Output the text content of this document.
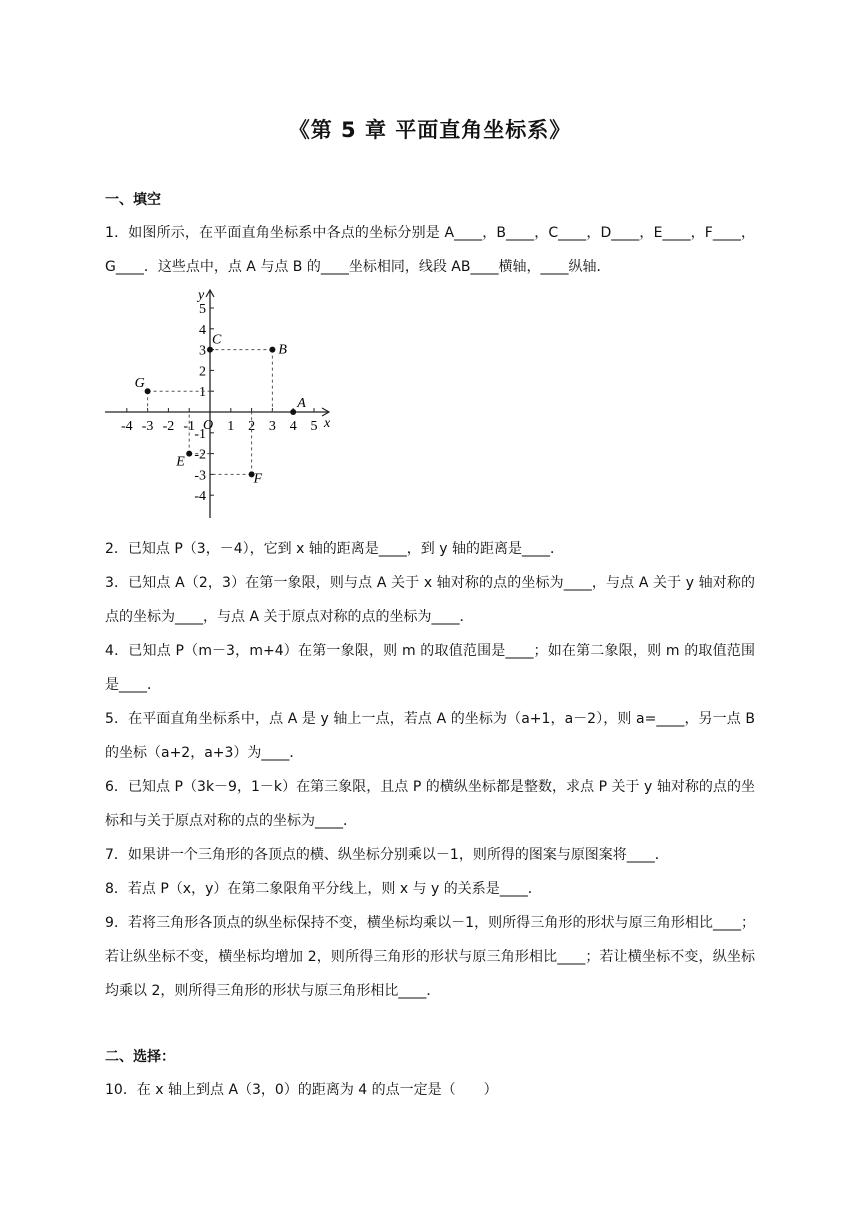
《第 5 章 平面直角坐标系》
一、填空
1．如图所示，在平面直角坐标系中各点的坐标分别是 A____，B____，C____，D____，E____，F____，G____．这些点中，点 A 与点 B 的____坐标相同，线段 AB____横轴，____纵轴．
x
y
O
-4 -3 -2 -1 1 2 3 4 5
5
4
3
2
1
-1
-2
-3
-4
A
B
C
E
F
G
2．已知点 P（3，－4），它到 x 轴的距离是____，到 y 轴的距离是____．
3．已知点 A（2，3）在第一象限，则与点 A 关于 x 轴对称的点的坐标为____，与点 A 关于 y 轴对称的点的坐标为____，与点 A 关于原点对称的点的坐标为____．
4．已知点 P（m－3，m+4）在第一象限，则 m 的取值范围是____；如在第二象限，则 m 的取值范围是____．
5．在平面直角坐标系中，点 A 是 y 轴上一点，若点 A 的坐标为（a+1，a－2），则 a=____，另一点 B 的坐标（a+2，a+3）为____．
6．已知点 P（3k－9，1－k）在第三象限，且点 P 的横纵坐标都是整数，求点 P 关于 y 轴对称的点的坐标和与关于原点对称的点的坐标为____．
7．如果讲一个三角形的各顶点的横、纵坐标分别乘以－1，则所得的图案与原图案将____．
8．若点 P（x，y）在第二象限角平分线上，则 x 与 y 的关系是____．
9．若将三角形各顶点的纵坐标保持不变，横坐标均乘以－1，则所得三角形的形状与原三角形相比____；若让纵坐标不变，横坐标均增加 2，则所得三角形的形状与原三角形相比____；若让横坐标不变，纵坐标均乘以 2，则所得三角形的形状与原三角形相比____．
二、选择：
10．在 x 轴上到点 A（3，0）的距离为 4 的点一定是（　　）
